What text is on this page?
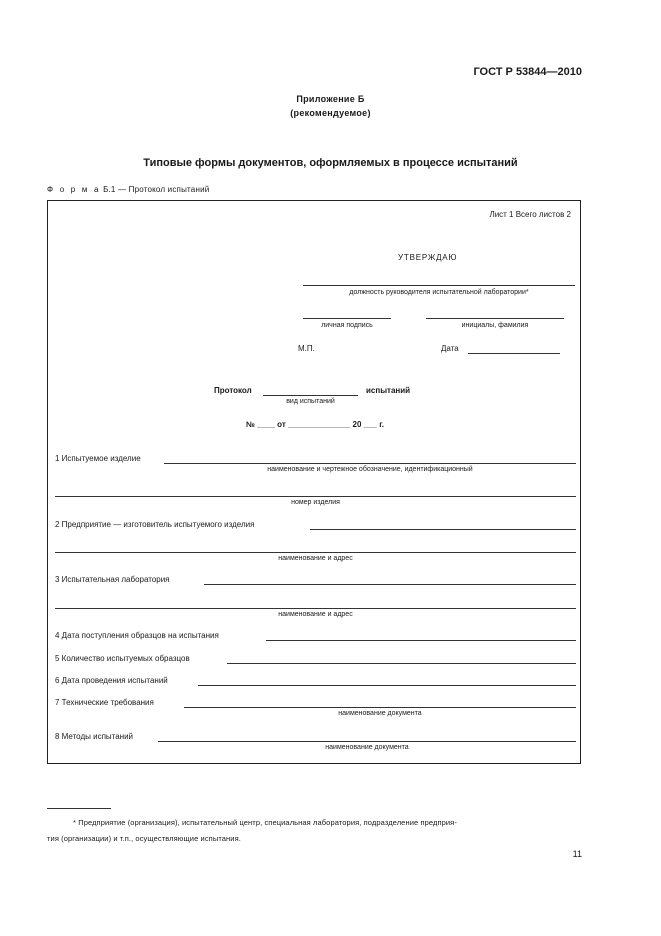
ГОСТ Р 53844—2010
Приложение Б
(рекомендуемое)
Типовые формы документов, оформляемых в процессе испытаний
Ф о р м а Б.1 — Протокол испытаний
Лист 1 Всего листов 2
УТВЕРЖДАЮ
должность руководителя испытательной лаборатории*
личная подпись	инициалы, фамилия
М.П.	Дата
Протокол	испытаний
вид испытаний
№ ____ от ______________ 20 ___ г.
1 Испытуемое изделие
наименование и чертежное обозначение, идентификационный
номер изделия
2 Предприятие — изготовитель испытуемого изделия
наименование и адрес
3 Испытательная лаборатория
наименование и адрес
4 Дата поступления образцов на испытания
5 Количество испытуемых образцов
6 Дата проведения испытаний
7 Технические требования
наименование документа
8 Методы испытаний
наименование документа
* Предприятие (организация), испытательный центр, специальная лаборатория, подразделение предприя-
тия (организации) и т.п., осуществляющие испытания.
11
